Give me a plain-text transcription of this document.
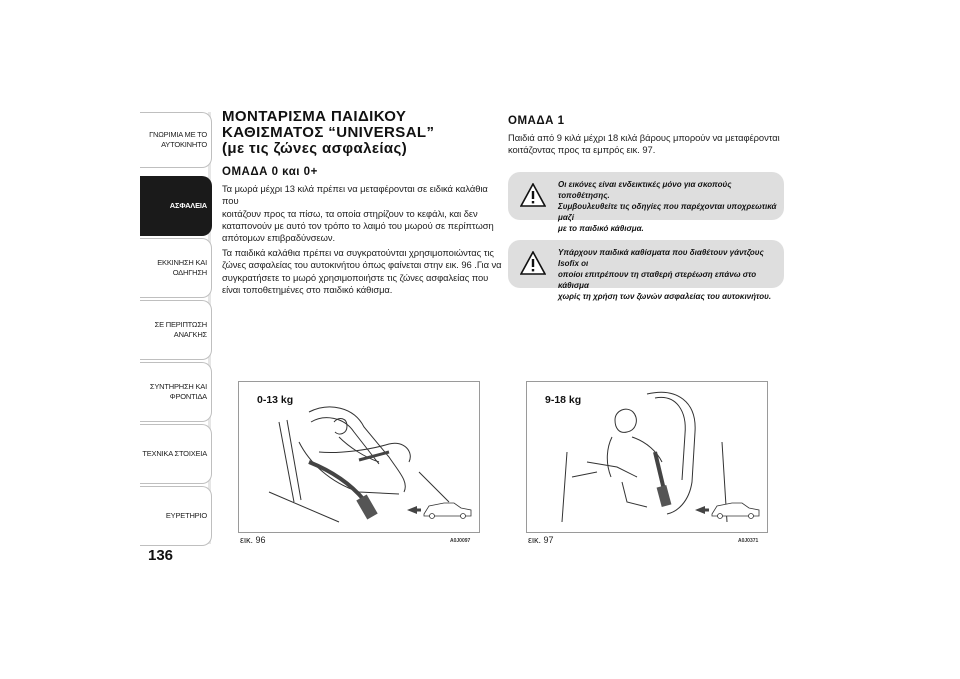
ΓΝΩΡΙΜΙΑ ΜΕ ΤΟ
ΑΥΤΟΚΙΝΗΤΟ
ΑΣΦΑΛΕΙΑ
ΕΚΚΙΝΗΣΗ ΚΑΙ
ΟΔΗΓΗΣΗ
ΣΕ ΠΕΡΙΠΤΩΣΗ
ΑΝΑΓΚΗΣ
ΣΥΝΤΗΡΗΣΗ ΚΑΙ
ΦΡΟΝΤΙΔΑ
ΤΕΧΝΙΚΑ ΣΤΟΙΧΕΙΑ
ΕΥΡΕΤΗΡΙΟ
136
ΜΟΝΤΑΡΙΣΜΑ ΠΑΙΔΙΚΟΥ
ΚΑΘΙΣΜΑΤΟΣ “UNIVERSAL”
(με τις ζώνες ασφαλείας)
ΟΜΑΔΑ 0 και 0+
Τα μωρά μέχρι 13 κιλά πρέπει να μεταφέρονται σε ειδικά καλάθια που
κοιτάζουν προς τα πίσω, τα οποία στηρίζουν το κεφάλι, και δεν
καταπονούν με αυτό τον τρόπο το λαιμό του μωρού σε περίπτωση
απότομων επιβραδύνσεων.
Τα παιδικά καλάθια πρέπει να συγκρατούνται χρησιμοποιώντας τις
ζώνες ασφαλείας του αυτοκινήτου όπως φαίνεται στην εικ. 96 .Για να
συγκρατήσετε το μωρό χρησιμοποιήστε τις ζώνες ασφαλείας που
είναι τοποθετημένες στο παιδικό κάθισμα.
ΟΜΑΔΑ 1
Παιδιά από 9 κιλά μέχρι 18 κιλά βάρους μπορούν να μεταφέρονται
κοιτάζοντας προς τα εμπρός εικ. 97.
Οι εικόνες είναι ενδεικτικές μόνο για σκοπούς τοποθέτησης.
Συμβουλευθείτε τις οδηγίες που παρέχονται υποχρεωτικά μαζί
με το παιδικό κάθισμα.
Υπάρχουν παιδικά καθίσματα που διαθέτουν γάντζους Isofix οι
οποίοι επιτρέπουν τη σταθερή στερέωση επάνω στο κάθισμα
χωρίς τη χρήση των ζωνών ασφαλείας του αυτοκινήτου.
0-13 kg
εικ. 96	A0J0097
9-18 kg
εικ. 97	A0J0371
